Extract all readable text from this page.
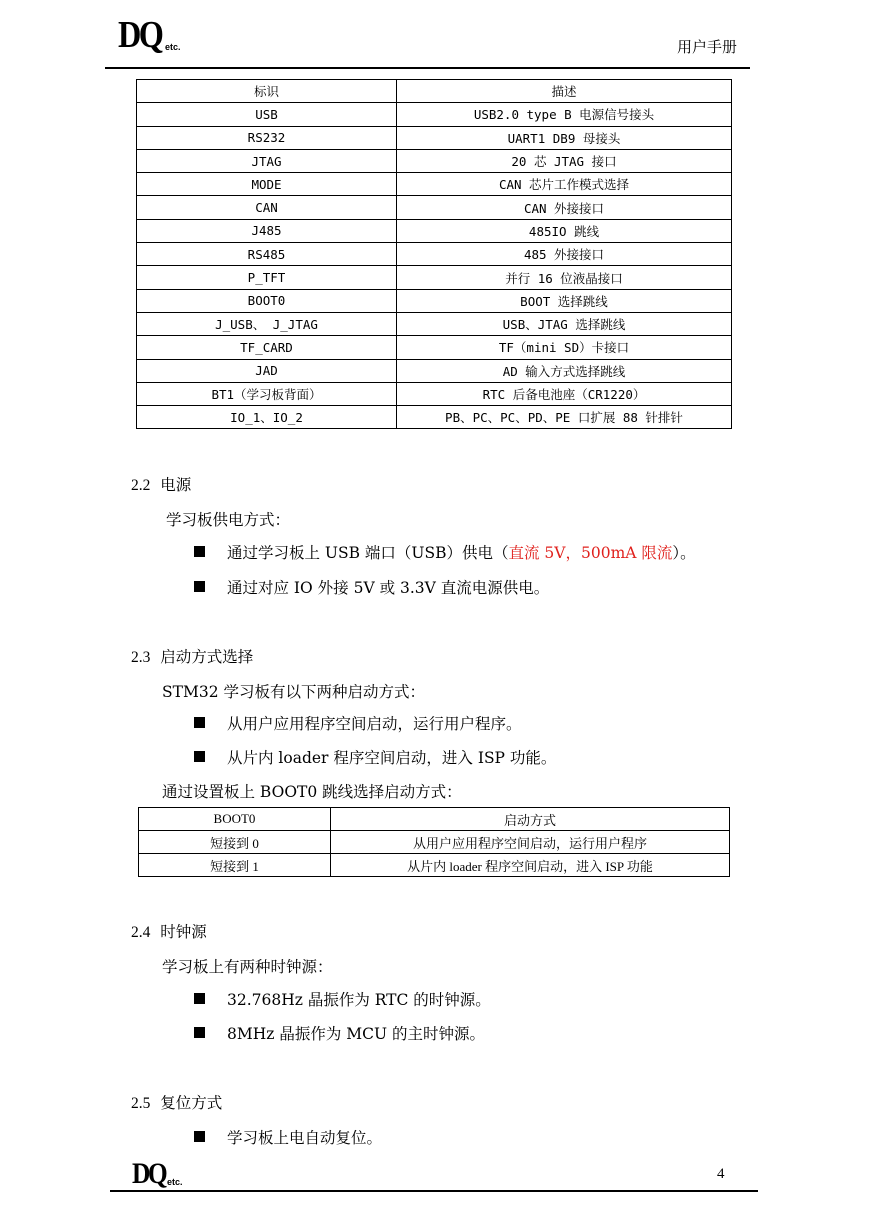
DQ etc.	用户手册
标识	描述
USB	USB2.0 type B 电源信号接头
RS232	UART1 DB9 母接头
JTAG	20 芯 JTAG 接口
MODE	CAN 芯片工作模式选择
CAN	CAN 外接接口
J485	485IO 跳线
RS485	485 外接接口
P_TFT	并行 16 位液晶接口
BOOT0	BOOT 选择跳线
J_USB、 J_JTAG	USB、JTAG 选择跳线
TF_CARD	TF（mini SD）卡接口
JAD	AD 输入方式选择跳线
BT1（学习板背面）	RTC 后备电池座（CR1220）
IO_1、IO_2	PB、PC、PC、PD、PE 口扩展 88 针排针
2.2 电源
学习板供电方式：
通过学习板上 USB 端口（USB）供电（直流 5V，500mA 限流）。
通过对应 IO 外接 5V 或 3.3V 直流电源供电。
2.3 启动方式选择
STM32 学习板有以下两种启动方式：
从用户应用程序空间启动，运行用户程序。
从片内 loader 程序空间启动，进入 ISP 功能。
通过设置板上 BOOT0 跳线选择启动方式：
BOOT0	启动方式
短接到 0	从用户应用程序空间启动，运行用户程序
短接到 1	从片内 loader 程序空间启动，进入 ISP 功能
2.4 时钟源
学习板上有两种时钟源：
32.768Hz 晶振作为 RTC 的时钟源。
8MHz 晶振作为 MCU 的主时钟源。
2.5 复位方式
学习板上电自动复位。
DQ etc.	4
